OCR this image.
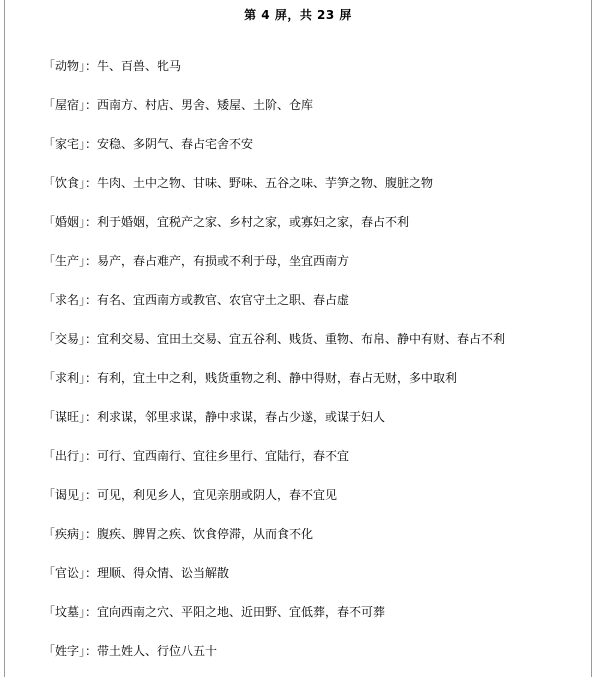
第 4 屏，共 23 屏
「动物」：牛、百兽、牝马
「屋宿」：西南方、村店、男舍、矮屋、土阶、仓库
「家宅」：安稳、多阴气、春占宅舍不安
「饮食」：牛肉、土中之物、甘味、野味、五谷之味、芋笋之物、腹脏之物
「婚姻」：利于婚姻，宜税产之家、乡村之家，或寡妇之家，春占不利
「生产」：易产，春占难产，有损或不利于母，坐宜西南方
「求名」：有名、宜西南方或教官、农官守土之职、春占虚
「交易」：宜利交易、宜田土交易、宜五谷利、贱货、重物、布帛、静中有财、春占不利
「求利」：有利，宜土中之利，贱货重物之利、静中得财，春占无财，多中取利
「谋旺」：利求谋，邻里求谋，静中求谋，春占少遂，或谋于妇人
「出行」：可行、宜西南行、宜往乡里行、宜陆行，春不宜
「谒见」：可见，利见乡人，宜见亲朋或阴人，春不宜见
「疾病」：腹疾、脾胃之疾、饮食停滞，从而食不化
「官讼」：理顺、得众情、讼当解散
「坟墓」：宜向西南之穴、平阳之地、近田野、宜低葬，春不可葬
「姓字」：带土姓人、行位八五十
